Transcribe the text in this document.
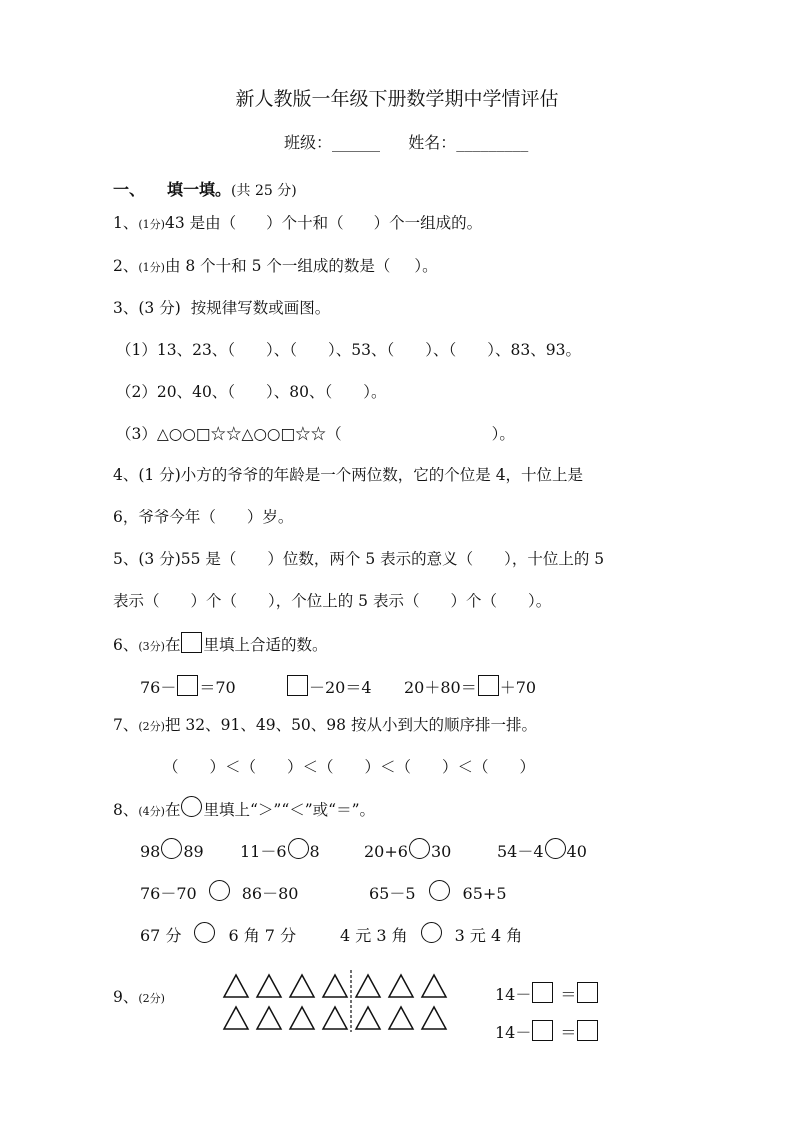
新人教版一年级下册数学期中学情评估
班级：______ 姓名：_________
一、 填一填。(共 25 分)
1、(1分)43 是由（ ）个十和（ ）个一组成的。
2、(1分)由 8 个十和 5 个一组成的数是（ ）。
3、(3 分) 按规律写数或画图。
（1）13、23、（　　）、（　　）、53、（　　）、（　　）、83、93。
（2）20、40、（　　）、80、（　　）。
（3）△○○□☆☆△○○□☆☆（	）。
4、(1 分)小方的爷爷的年龄是一个两位数，它的个位是 4，十位上是
6，爷爷今年（　　）岁。
5、(3 分)55 是（　　）位数，两个 5 表示的意义（　　），十位上的 5
表示（　　）个（　　），个位上的 5 表示（　　）个（　　）。
6、(3分)在 里填上合适的数。
76－ ＝70	－20＝4 20＋80＝ ＋70
7、(2分)把 32、91、49、50、98 按从小到大的顺序排一排。
（　　）＜（　　）＜（　　）＜（　　）＜（　　）
8、(4分)在 里填上“＞”“＜”或“＝”。
98 89 11－6 8	20+6 30	54－4 40
76－70	86－80	65－5	65+5
67 分	6 角 7 分	4 元 3 角	3 元 4 角
9、(2分)	14－ ＝
14－ ＝
